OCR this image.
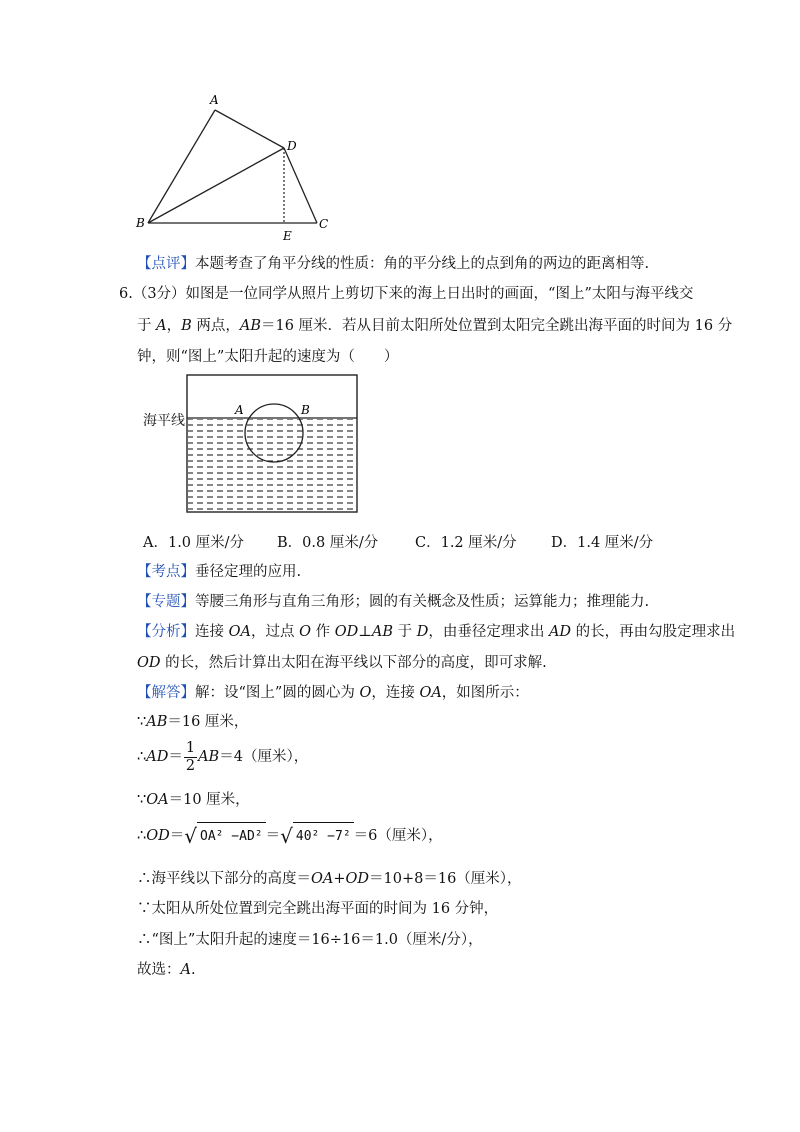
A
D
B	C
E
【点评】本题考查了角平分线的性质：角的平分线上的点到角的两边的距离相等.
6.（3分）如图是一位同学从照片上剪切下来的海上日出时的画面，“图上”太阳与海平线交
于 A，B 两点，AB＝16 厘米．若从目前太阳所处位置到太阳完全跳出海平面的时间为 16 分
钟，则“图上”太阳升起的速度为（　　）
海平线
A	B
A．1.0 厘米/分 B．0.8 厘米/分	C．1.2 厘米/分 D．1.4 厘米/分
【考点】垂径定理的应用.
【专题】等腰三角形与直角三角形；圆的有关概念及性质；运算能力；推理能力.
【分析】连接 OA，过点 O 作 OD⊥AB 于 D，由垂径定理求出 AD 的长，再由勾股定理求出
OD 的长，然后计算出太阳在海平线以下部分的高度，即可求解.
【解答】解：设“图上”圆的圆心为 O，连接 OA，如图所示：
∵AB＝16 厘米，
∴AD＝ $\frac{1}{2} AB=4$（厘米），
∵OA＝10 厘米，
∴OD＝√ OA² −AD² ＝√ 40² −7² ＝6（厘米），
∴海平线以下部分的高度＝OA+OD＝10+8＝16（厘米），
∵太阳从所处位置到完全跳出海平面的时间为 16 分钟，
∴“图上”太阳升起的速度＝16÷16＝1.0（厘米/分），
故选：A.
